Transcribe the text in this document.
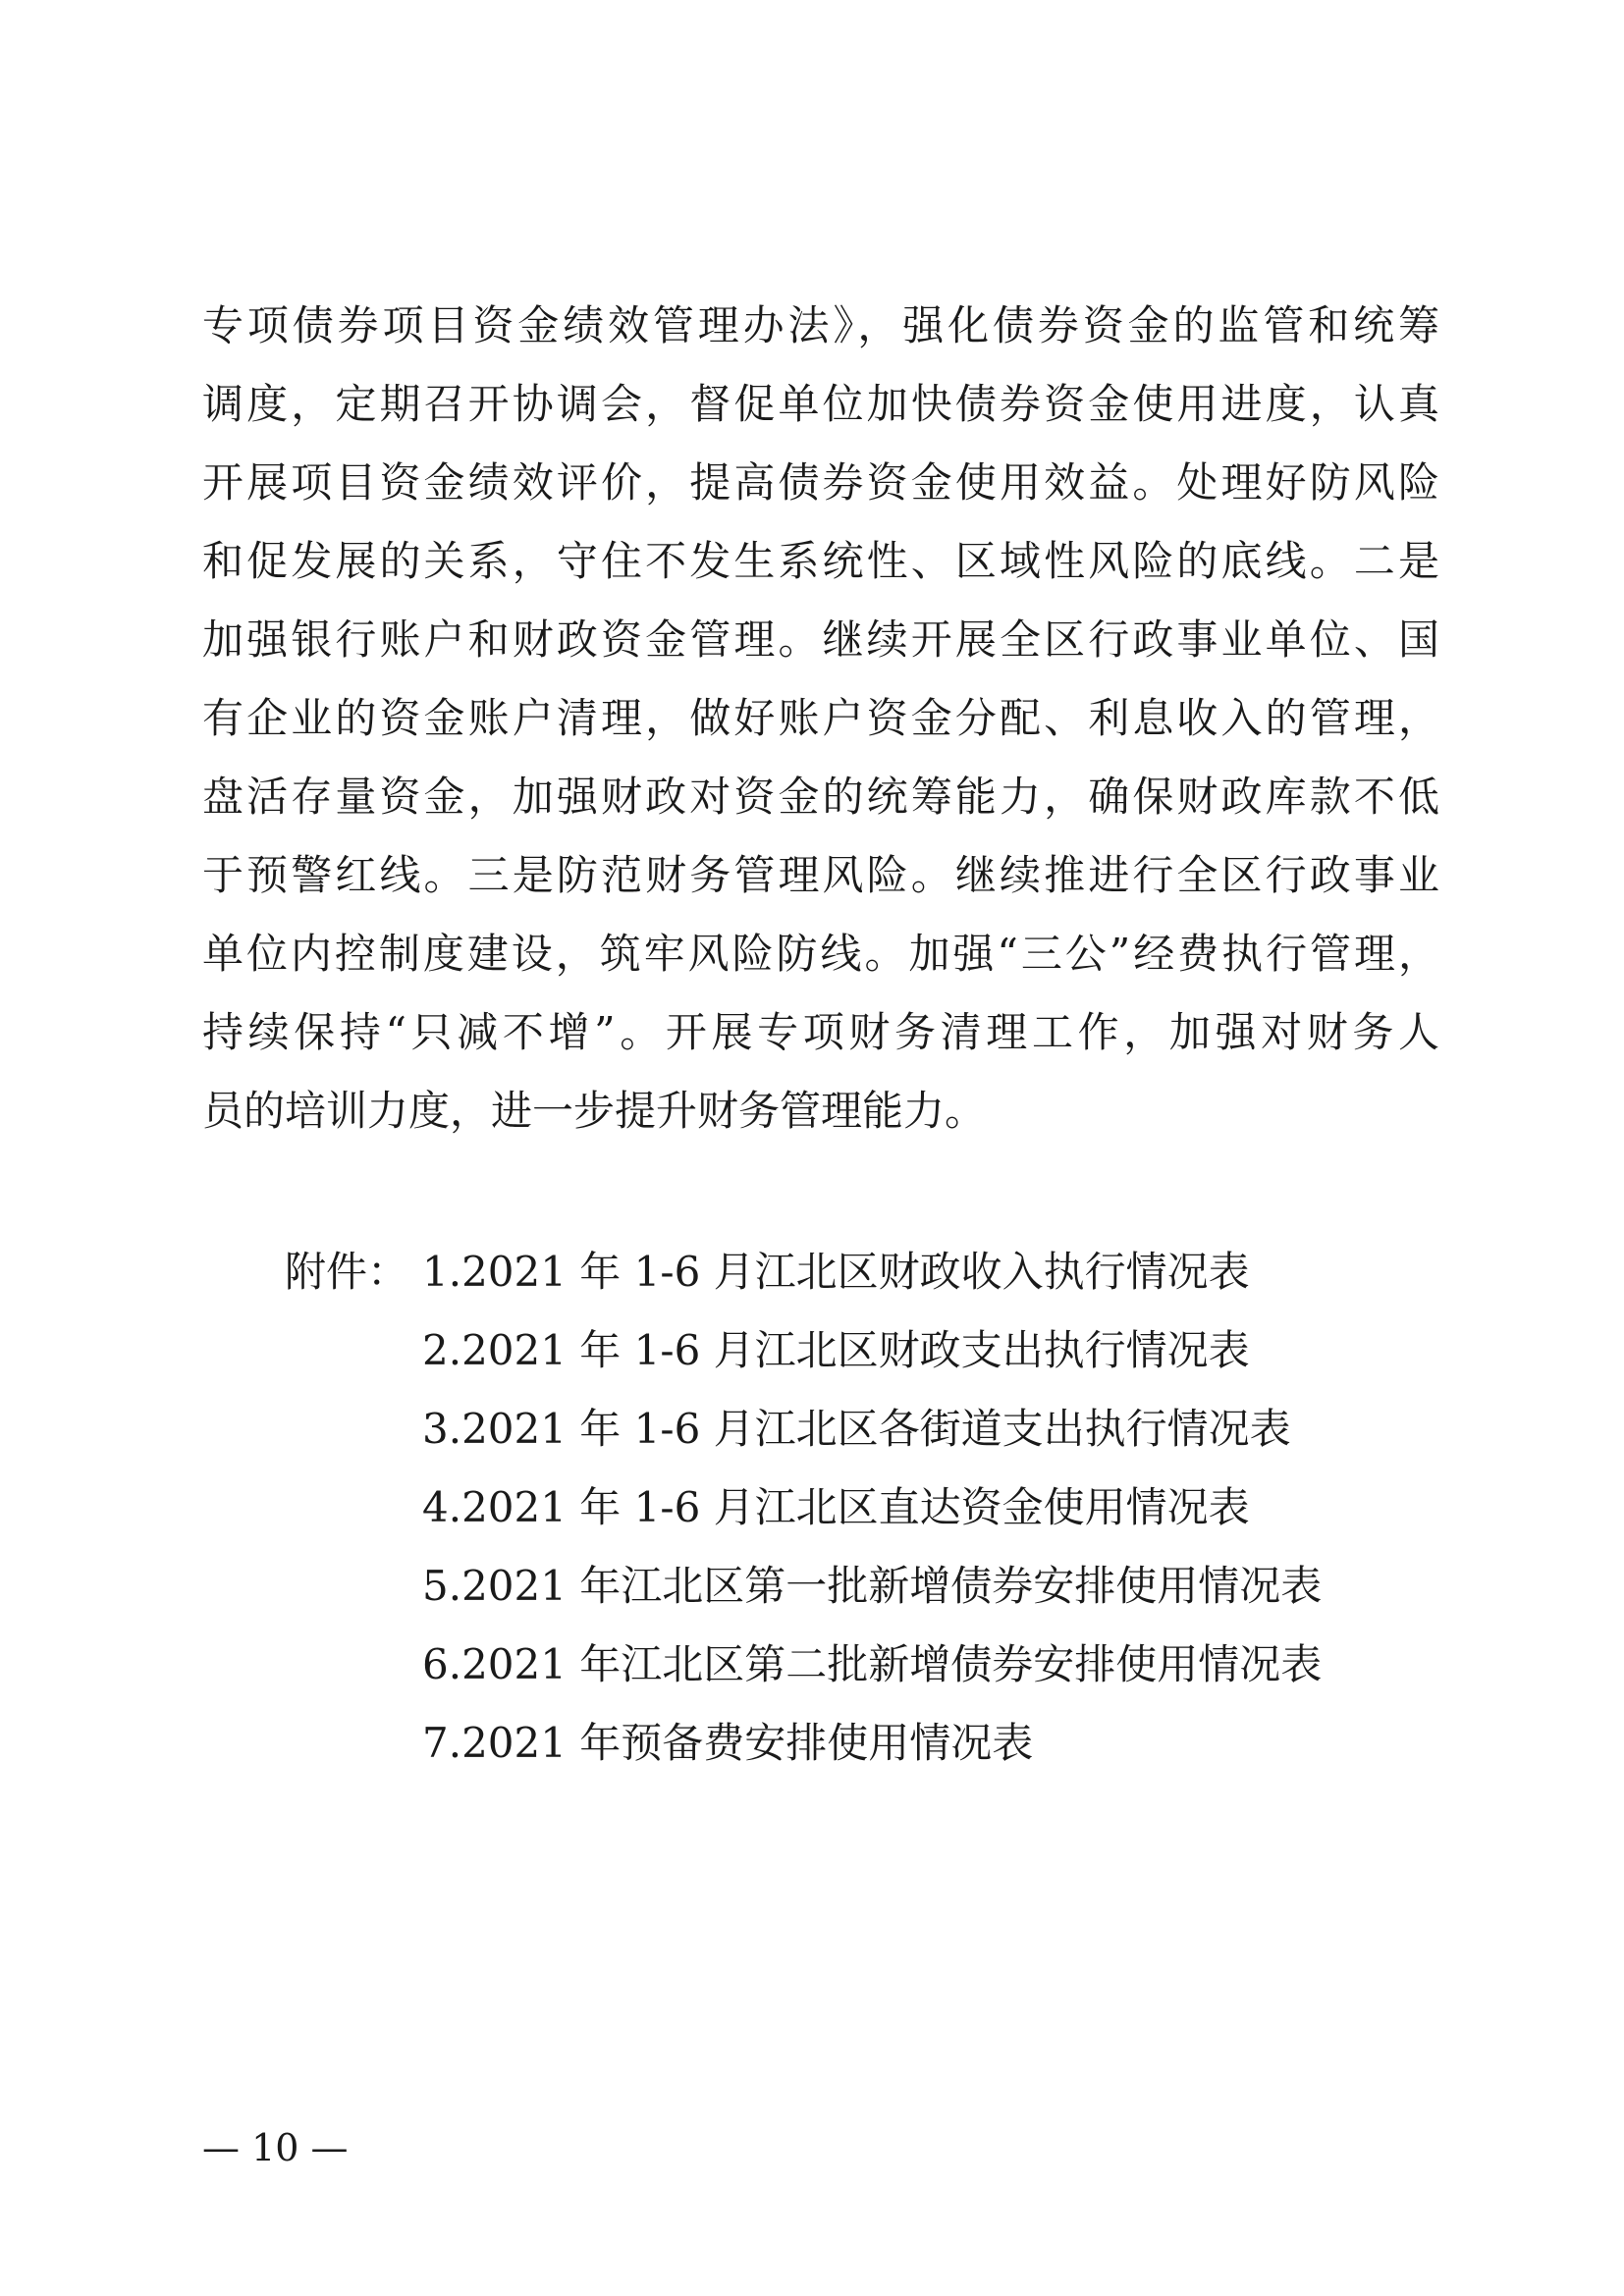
专项债券项目资金绩效管理办法》，强化债券资金的监管和统筹
调度，定期召开协调会，督促单位加快债券资金使用进度，认真
开展项目资金绩效评价，提高债券资金使用效益。处理好防风险
和促发展的关系，守住不发生系统性、区域性风险的底线。二是
加强银行账户和财政资金管理。继续开展全区行政事业单位、国
有企业的资金账户清理，做好账户资金分配、利息收入的管理，
盘活存量资金，加强财政对资金的统筹能力，确保财政库款不低
于预警红线。三是防范财务管理风险。继续推进行全区行政事业
单位内控制度建设，筑牢风险防线。加强“三公”经费执行管理，
持续保持“只减不增”。开展专项财务清理工作，加强对财务人
员的培训力度，进一步提升财务管理能力。
附件： 1.2021 年 1-6 月江北区财政收入执行情况表
2.2021 年 1-6 月江北区财政支出执行情况表
3.2021 年 1-6 月江北区各街道支出执行情况表
4.2021 年 1-6 月江北区直达资金使用情况表
5.2021 年江北区第一批新增债券安排使用情况表
6.2021 年江北区第二批新增债券安排使用情况表
7.2021 年预备费安排使用情况表
— 10 —
